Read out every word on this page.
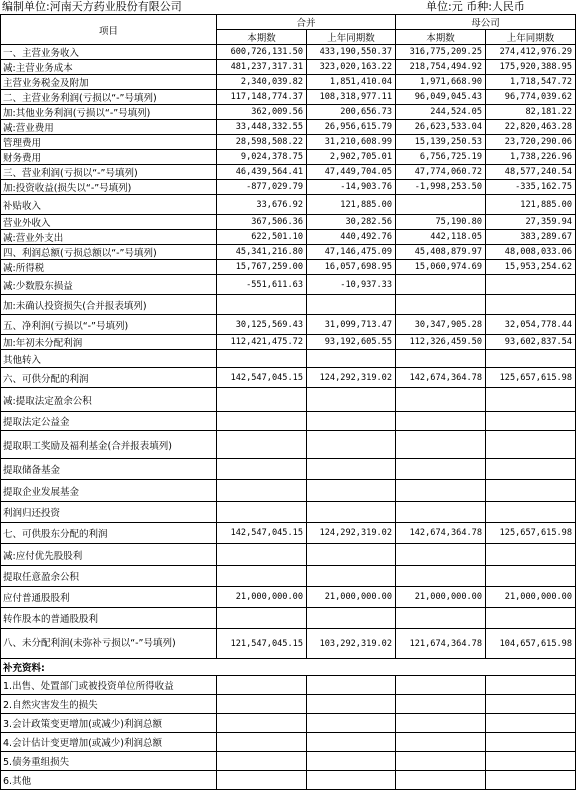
编制单位:河南天方药业股份有限公司	单位:元 币种:人民币
项目	合并		母公司	
	本期数	上年同期数	本期数	上年同期数
一、主营业务收入	600,726,131.50	433,190,550.37	316,775,209.25	274,412,976.29
减:主营业务成本	481,237,317.31	323,020,163.22	218,754,494.92	175,920,388.95
主营业务税金及附加	2,340,039.82	1,851,410.04	1,971,668.90	1,718,547.72
二、主营业务利润(亏损以“-”号填列)	117,148,774.37	108,318,977.11	96,049,045.43	96,774,039.62
加:其他业务利润(亏损以“-”号填列)	362,009.56	200,656.73	244,524.05	82,181.22
减:营业费用	33,448,332.55	26,956,615.79	26,623,533.04	22,820,463.28
管理费用	28,598,508.22	31,210,608.99	15,139,250.53	23,720,290.06
财务费用	9,024,378.75	2,902,705.01	6,756,725.19	1,738,226.96
三、营业利润(亏损以“-”号填列)	46,439,564.41	47,449,704.05	47,774,060.72	48,577,240.54
加:投资收益(损失以“-”号填列)	-877,029.79	-14,903.76	-1,998,253.50	-335,162.75
补贴收入	33,676.92	121,885.00		121,885.00
营业外收入	367,506.36	30,282.56	75,190.80	27,359.94
减:营业外支出	622,501.10	440,492.76	442,118.05	383,289.67
四、利润总额(亏损总额以“-”号填列)	45,341,216.80	47,146,475.09	45,408,879.97	48,008,033.06
减:所得税	15,767,259.00	16,057,698.95	15,060,974.69	15,953,254.62
减:少数股东损益	-551,611.63	-10,937.33		
加:未确认投资损失(合并报表填列)				
五、净利润(亏损以“-”号填列)	30,125,569.43	31,099,713.47	30,347,905.28	32,054,778.44
加:年初未分配利润	112,421,475.72	93,192,605.55	112,326,459.50	93,602,837.54
其他转入				
六、可供分配的利润	142,547,045.15	124,292,319.02	142,674,364.78	125,657,615.98
减:提取法定盈余公积				
提取法定公益金				
提取职工奖励及福利基金(合并报表填列)				
提取储备基金				
提取企业发展基金				
利润归还投资				
七、可供股东分配的利润	142,547,045.15	124,292,319.02	142,674,364.78	125,657,615.98
减:应付优先股股利				
提取任意盈余公积				
应付普通股股利	21,000,000.00	21,000,000.00	21,000,000.00	21,000,000.00
转作股本的普通股股利				
八、未分配利润(未弥补亏损以“-”号填列)	121,547,045.15	103,292,319.02	121,674,364.78	104,657,615.98
补充资料:				
1.出售、处置部门或被投资单位所得收益				
2.自然灾害发生的损失				
3.会计政策变更增加(或减少)利润总额				
4.会计估计变更增加(或减少)利润总额				
5.债务重组损失				
6.其他				
